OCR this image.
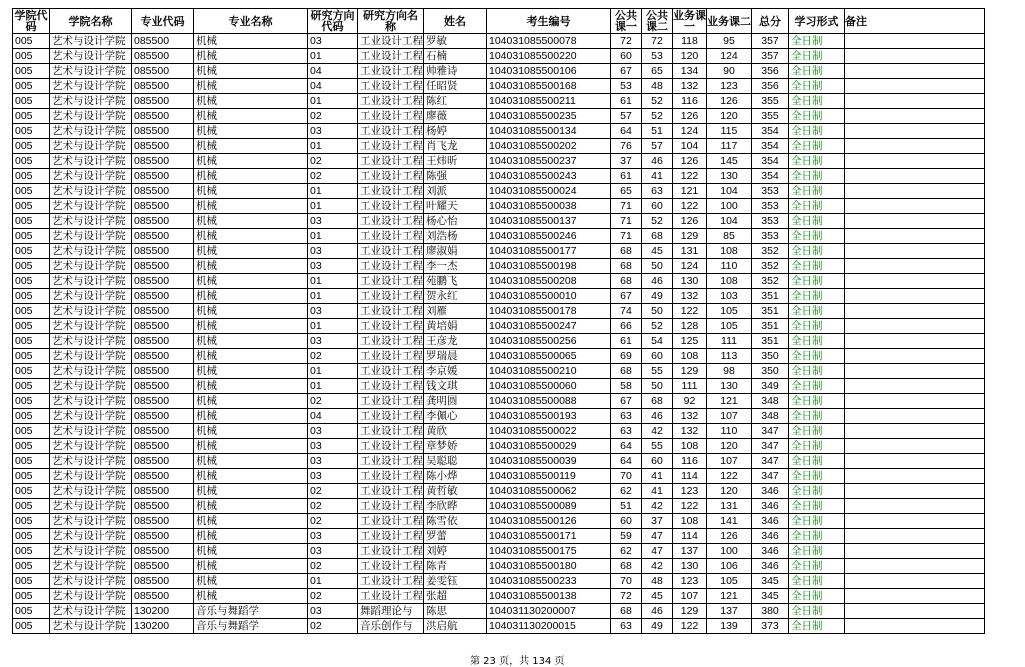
学院代码	学院名称	专业代码	专业名称	研究方向代码	研究方向名称	姓名	考生编号	公共课一	公共课二	业务课一	业务课二	总分	学习形式	备注
005	艺术与设计学院	085500	机械	03	工业设计工程	罗敏	104031085500078	72	72	118	95	357	全日制	
005	艺术与设计学院	085500	机械	01	工业设计工程	石楠	104031085500220	60	53	120	124	357	全日制	
005	艺术与设计学院	085500	机械	04	工业设计工程	帅雅诗	104031085500106	67	65	134	90	356	全日制	
005	艺术与设计学院	085500	机械	04	工业设计工程	任昭贤	104031085500168	53	48	132	123	356	全日制	
005	艺术与设计学院	085500	机械	01	工业设计工程	陈红	104031085500211	61	52	116	126	355	全日制	
005	艺术与设计学院	085500	机械	02	工业设计工程	廖薇	104031085500235	57	52	126	120	355	全日制	
005	艺术与设计学院	085500	机械	03	工业设计工程	杨婷	104031085500134	64	51	124	115	354	全日制	
005	艺术与设计学院	085500	机械	01	工业设计工程	肖飞龙	104031085500202	76	57	104	117	354	全日制	
005	艺术与设计学院	085500	机械	02	工业设计工程	王炜昕	104031085500237	37	46	126	145	354	全日制	
005	艺术与设计学院	085500	机械	02	工业设计工程	陈强	104031085500243	61	41	122	130	354	全日制	
005	艺术与设计学院	085500	机械	01	工业设计工程	刘派	104031085500024	65	63	121	104	353	全日制	
005	艺术与设计学院	085500	机械	01	工业设计工程	叶耀天	104031085500038	71	60	122	100	353	全日制	
005	艺术与设计学院	085500	机械	03	工业设计工程	杨心怡	104031085500137	71	52	126	104	353	全日制	
005	艺术与设计学院	085500	机械	01	工业设计工程	刘浩杨	104031085500246	71	68	129	85	353	全日制	
005	艺术与设计学院	085500	机械	03	工业设计工程	廖淑娟	104031085500177	68	45	131	108	352	全日制	
005	艺术与设计学院	085500	机械	03	工业设计工程	李一杰	104031085500198	68	50	124	110	352	全日制	
005	艺术与设计学院	085500	机械	01	工业设计工程	苑鹏飞	104031085500208	68	46	130	108	352	全日制	
005	艺术与设计学院	085500	机械	01	工业设计工程	贺永红	104031085500010	67	49	132	103	351	全日制	
005	艺术与设计学院	085500	机械	03	工业设计工程	刘雁	104031085500178	74	50	122	105	351	全日制	
005	艺术与设计学院	085500	机械	01	工业设计工程	黄培娟	104031085500247	66	52	128	105	351	全日制	
005	艺术与设计学院	085500	机械	03	工业设计工程	王彦龙	104031085500256	61	54	125	111	351	全日制	
005	艺术与设计学院	085500	机械	02	工业设计工程	罗瑞晨	104031085500065	69	60	108	113	350	全日制	
005	艺术与设计学院	085500	机械	01	工业设计工程	李京媛	104031085500210	68	55	129	98	350	全日制	
005	艺术与设计学院	085500	机械	01	工业设计工程	钱文琪	104031085500060	58	50	111	130	349	全日制	
005	艺术与设计学院	085500	机械	02	工业设计工程	龚明圆	104031085500088	67	68	92	121	348	全日制	
005	艺术与设计学院	085500	机械	04	工业设计工程	李佩心	104031085500193	63	46	132	107	348	全日制	
005	艺术与设计学院	085500	机械	03	工业设计工程	黄欣	104031085500022	63	42	132	110	347	全日制	
005	艺术与设计学院	085500	机械	03	工业设计工程	章梦娇	104031085500029	64	55	108	120	347	全日制	
005	艺术与设计学院	085500	机械	03	工业设计工程	吴聪聪	104031085500039	64	60	116	107	347	全日制	
005	艺术与设计学院	085500	机械	03	工业设计工程	陈小烨	104031085500119	70	41	114	122	347	全日制	
005	艺术与设计学院	085500	机械	02	工业设计工程	黄哲敏	104031085500062	62	41	123	120	346	全日制	
005	艺术与设计学院	085500	机械	02	工业设计工程	李欣晔	104031085500089	51	42	122	131	346	全日制	
005	艺术与设计学院	085500	机械	02	工业设计工程	陈雪依	104031085500126	60	37	108	141	346	全日制	
005	艺术与设计学院	085500	机械	03	工业设计工程	罗蕾	104031085500171	59	47	114	126	346	全日制	
005	艺术与设计学院	085500	机械	03	工业设计工程	刘婷	104031085500175	62	47	137	100	346	全日制	
005	艺术与设计学院	085500	机械	02	工业设计工程	陈青	104031085500180	68	42	130	106	346	全日制	
005	艺术与设计学院	085500	机械	01	工业设计工程	姜雯钰	104031085500233	70	48	123	105	345	全日制	
005	艺术与设计学院	085500	机械	02	工业设计工程	张超	104031085500138	72	45	107	121	345	全日制	
005	艺术与设计学院	130200	音乐与舞蹈学	03	舞蹈理论与	陈思	104031130200007	68	46	129	137	380	全日制	
005	艺术与设计学院	130200	音乐与舞蹈学	02	音乐创作与	洪启航	104031130200015	63	49	122	139	373	全日制	
第 23 页，共 134 页
